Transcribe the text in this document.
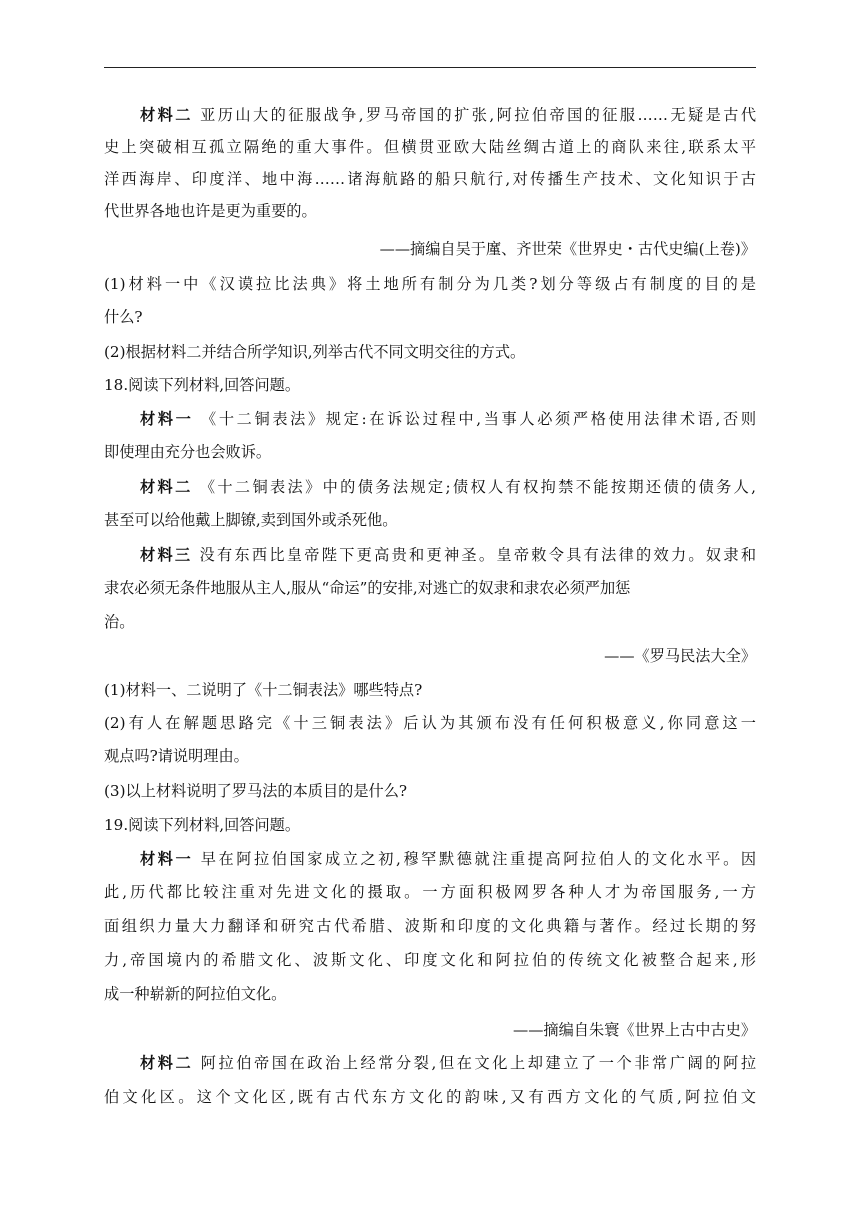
材料二 亚历山大的征服战争,罗马帝国的扩张,阿拉伯帝国的征服……无疑是古代
史上突破相互孤立隔绝的重大事件。但横贯亚欧大陆丝绸古道上的商队来往,联系太平
洋西海岸、印度洋、地中海……诸海航路的船只航行,对传播生产技术、文化知识于古
代世界各地也许是更为重要的。
——摘编自吴于廑、齐世荣《世界史・古代史编(上卷)》
(1)材料一中《汉谟拉比法典》将土地所有制分为几类?划分等级占有制度的目的是
什么?
(2)根据材料二并结合所学知识,列举古代不同文明交往的方式。
18.阅读下列材料,回答问题。
材料一 《十二铜表法》规定:在诉讼过程中,当事人必须严格使用法律术语,否则
即使理由充分也会败诉。
材料二 《十二铜表法》中的债务法规定;债权人有权拘禁不能按期还债的债务人,
甚至可以给他戴上脚镣,卖到国外或杀死他。
材料三 没有东西比皇帝陛下更高贵和更神圣。皇帝敕令具有法律的效力。奴隶和
隶农必须无条件地服从主人,服从“命运”的安排,对逃亡的奴隶和隶农必须严加惩
治。
——《罗马民法大全》
(1)材料一、二说明了《十二铜表法》哪些特点?
(2)有人在解题思路完《十三铜表法》后认为其颁布没有任何积极意义,你同意这一
观点吗?请说明理由。
(3)以上材料说明了罗马法的本质目的是什么?
19.阅读下列材料,回答问题。
材料一 早在阿拉伯国家成立之初,穆罕默德就注重提高阿拉伯人的文化水平。因
此,历代都比较注重对先进文化的摄取。一方面积极网罗各种人才为帝国服务,一方
面组织力量大力翻译和研究古代希腊、波斯和印度的文化典籍与著作。经过长期的努
力,帝国境内的希腊文化、波斯文化、印度文化和阿拉伯的传统文化被整合起来,形
成一种崭新的阿拉伯文化。
——摘编自朱寰《世界上古中古史》
材料二 阿拉伯帝国在政治上经常分裂,但在文化上却建立了一个非常广阔的阿拉
伯文化区。这个文化区,既有古代东方文化的韵味,又有西方文化的气质,阿拉伯文
